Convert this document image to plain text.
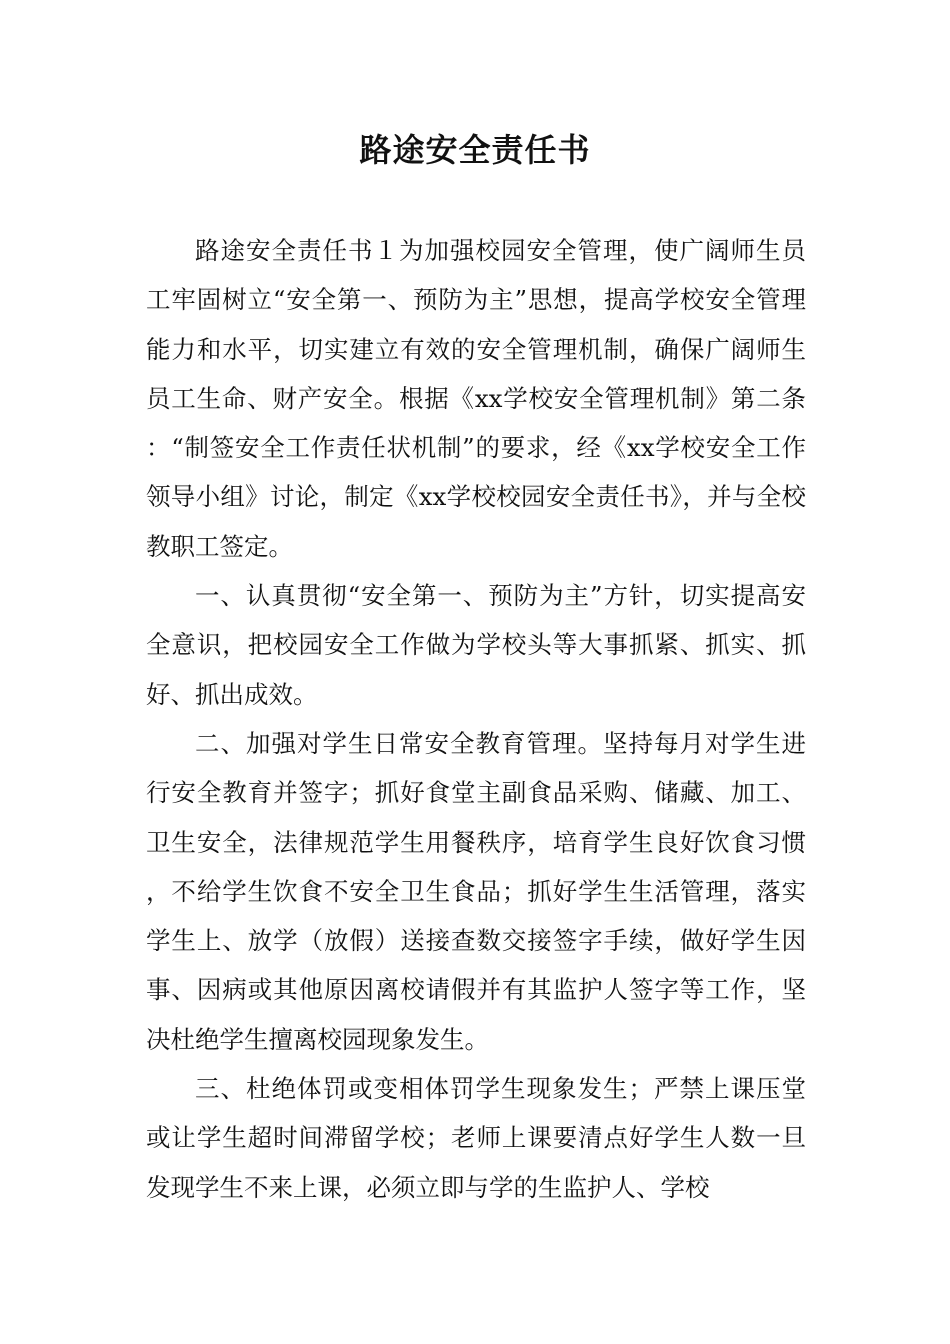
路途安全责任书

路途安全责任书１为加强校园安全管理，使广阔师生员工牢固树立“安全第一、预防为主”思想，提高学校安全管理能力和水平，切实建立有效的安全管理机制，确保广阔师生员工生命、财产安全。根据《xx学校安全管理机制》第二条：“制签安全工作责任状机制”的要求，经《xx学校安全工作领导小组》讨论，制定《xx学校校园安全责任书》，并与全校教职工签定。

一、认真贯彻“安全第一、预防为主”方针，切实提高安全意识，把校园安全工作做为学校头等大事抓紧、抓实、抓好、抓出成效。

二、加强对学生日常安全教育管理。坚持每月对学生进行安全教育并签字；抓好食堂主副食品采购、储藏、加工、卫生安全，法律规范学生用餐秩序，培育学生良好饮食习惯，不给学生饮食不安全卫生食品；抓好学生生活管理，落实学生上、放学（放假）送接查数交接签字手续，做好学生因事、因病或其他原因离校请假并有其监护人签字等工作，坚决杜绝学生擅离校园现象发生。

三、杜绝体罚或变相体罚学生现象发生；严禁上课压堂或让学生超时间滞留学校；老师上课要清点好学生人数一旦发现学生不来上课，必须立即与学的生监护人、学校
